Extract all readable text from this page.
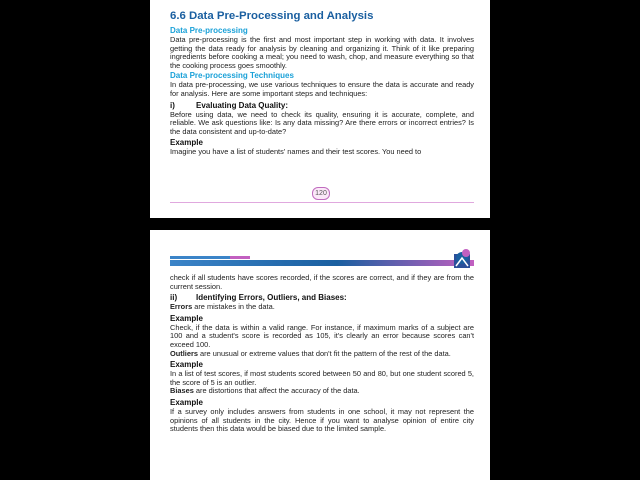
6.6 Data Pre-Processing and Analysis
Data Pre-processing

Data pre-processing is the first and most important step in working with data. It involves getting the data ready for analysis by cleaning and organizing it. Think of it like preparing ingredients before cooking a meal; you need to wash, chop, and measure everything so that the cooking process goes smoothly.

Data Pre-processing Techniques

In data pre-processing, we use various techniques to ensure the data is accurate and ready for analysis. Here are some important steps and techniques:

i)	Evaluating Data Quality:

Before using data, we need to check its quality, ensuring it is accurate, complete, and reliable. We ask questions like: Is any data missing? Are there errors or incorrect entries? Is the data consistent and up-to-date?

Example

Imagine you have a list of students' names and their test scores. You need to

120

check if all students have scores recorded, if the scores are correct, and if they are from the current session.

ii) Identifying Errors, Outliers, and Biases:

Errors are mistakes in the data.

Example

Check, if the data is within a valid range. For instance, if maximum marks of a subject are 100 and a student's score is recorded as 105, it's clearly an error because scores can't exceed 100.

Outliers are unusual or extreme values that don't fit the pattern of the rest of the data.

Example

In a list of test scores, if most students scored between 50 and 80, but one student scored 5, the score of 5 is an outlier.

Biases are distortions that affect the accuracy of the data.

Example

If a survey only includes answers from students in one school, it may not represent the opinions of all students in the city. Hence if you want to analyse opinion of entire city students then this data would be biased due to the limited sample.
